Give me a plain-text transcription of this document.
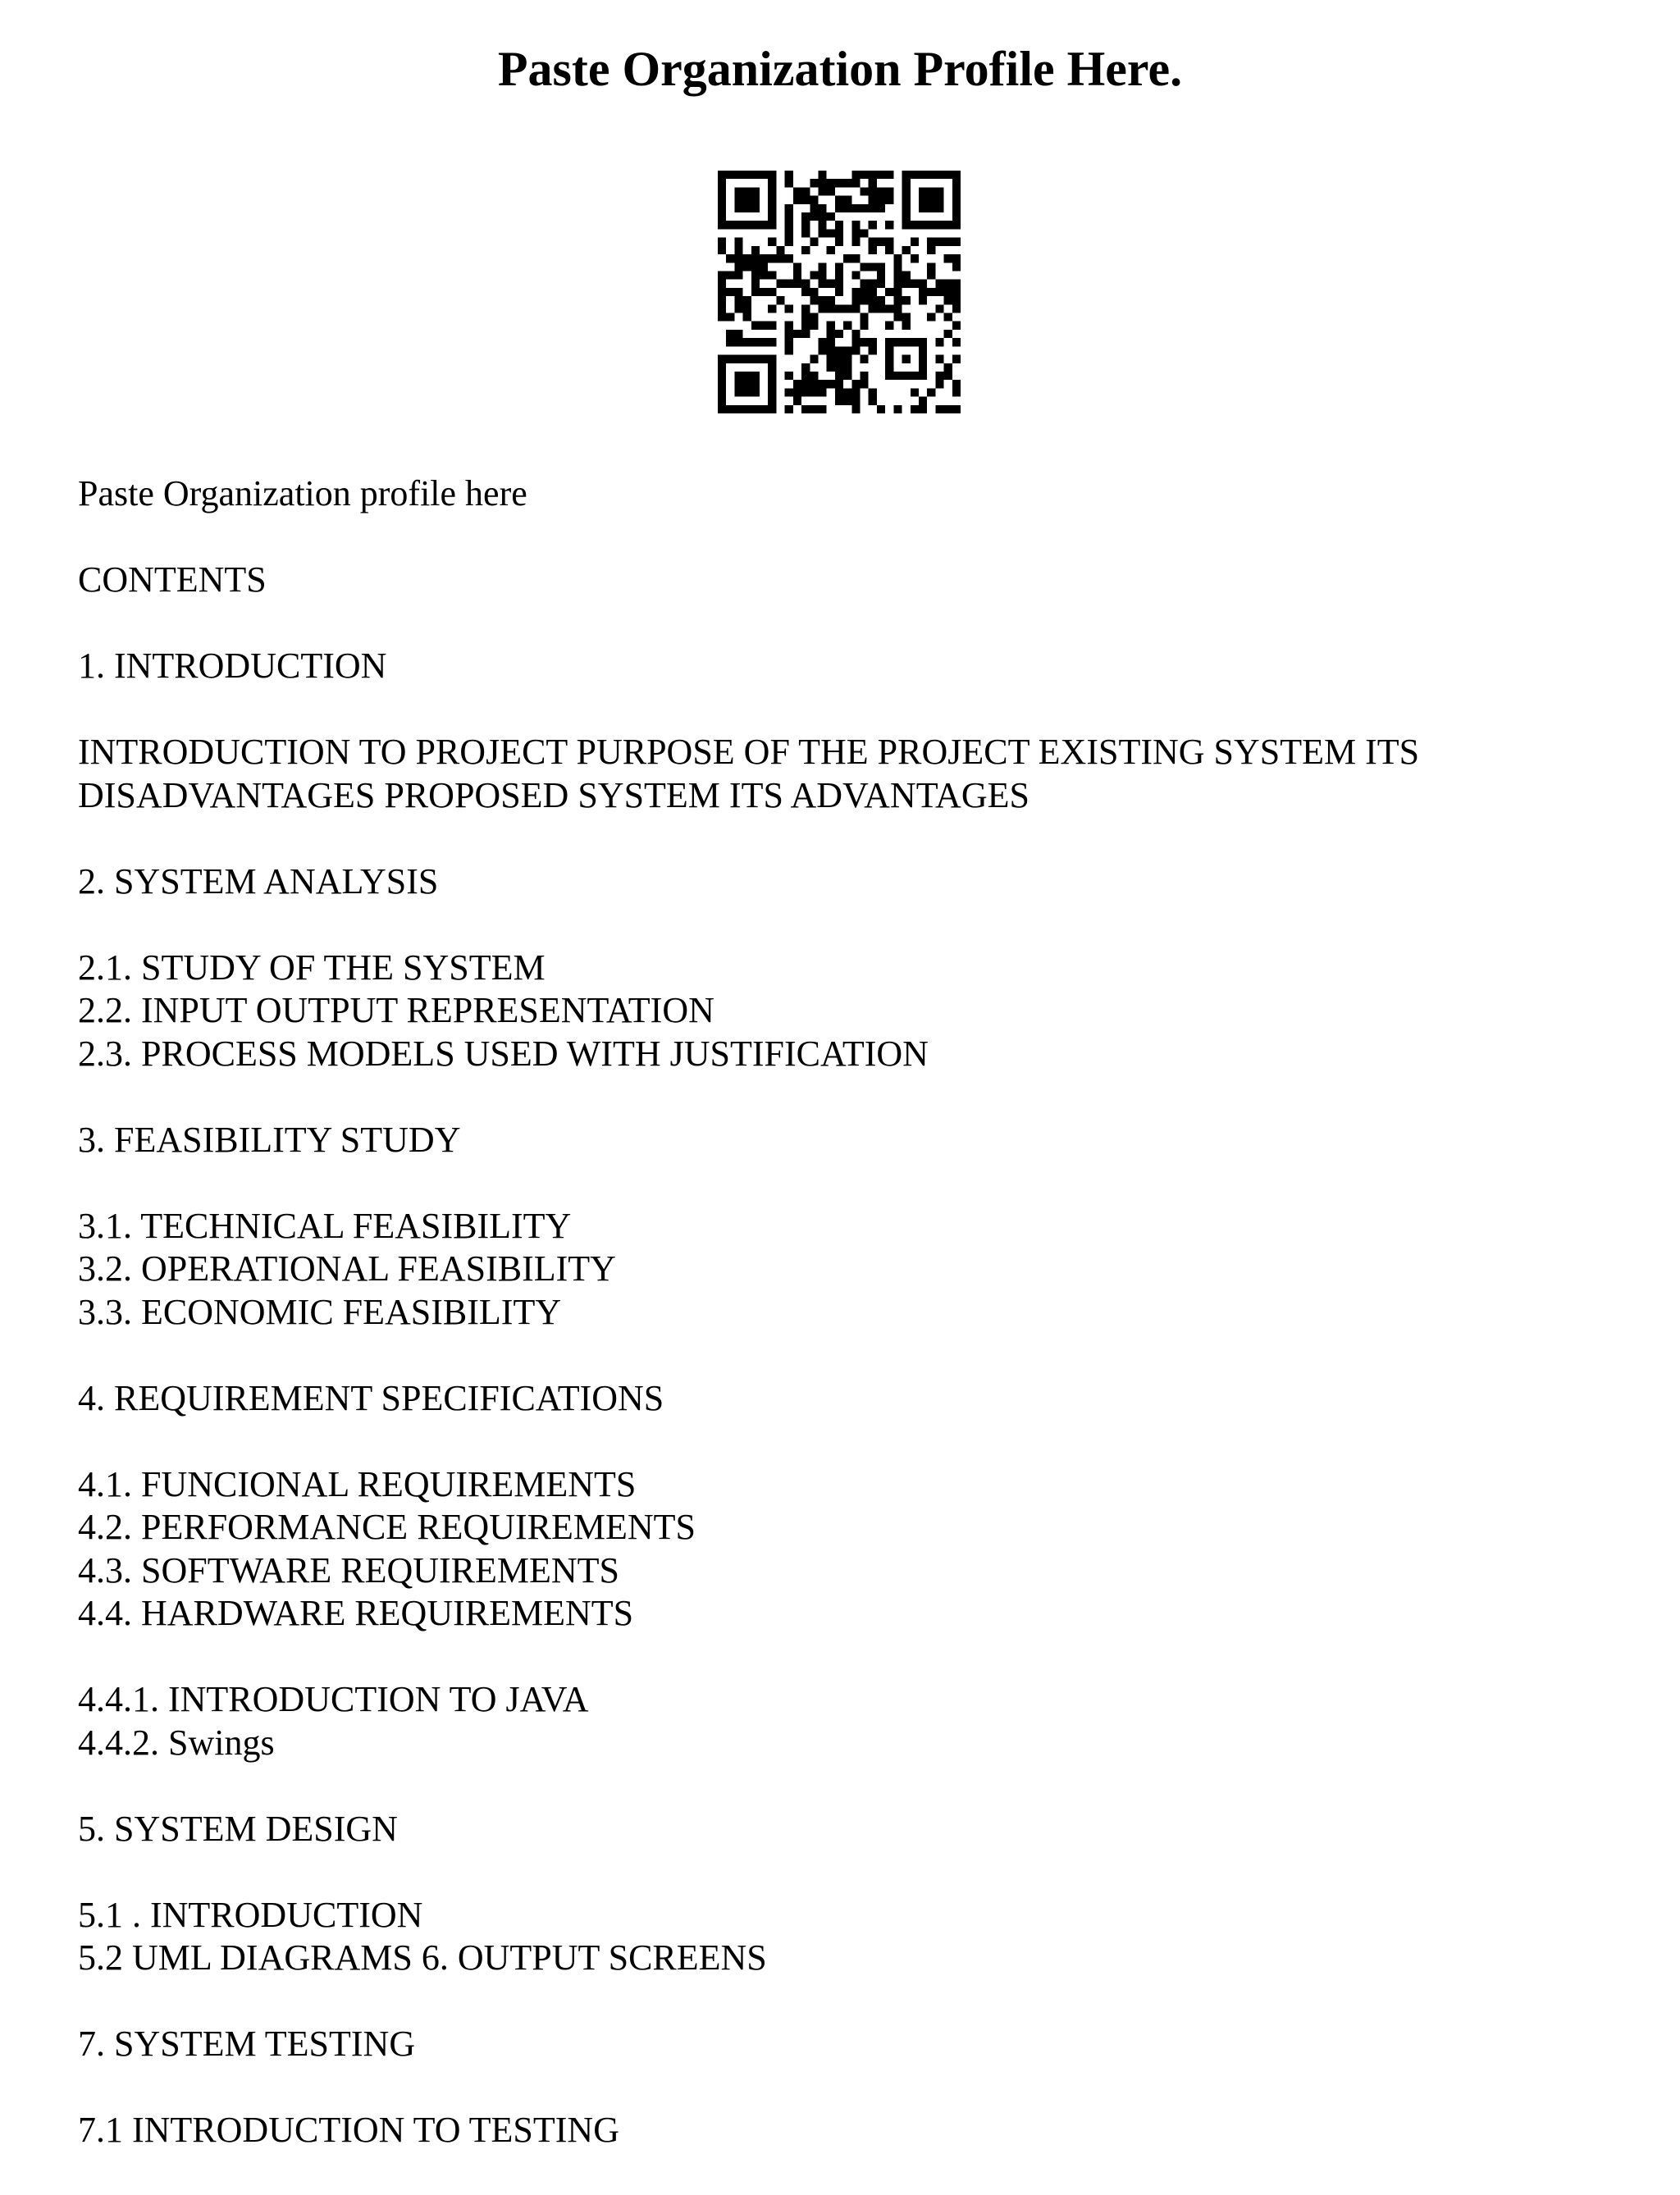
Paste Organization Profile Here.

Paste Organization profile here

CONTENTS

1. INTRODUCTION

INTRODUCTION TO PROJECT PURPOSE OF THE PROJECT EXISTING SYSTEM ITS
DISADVANTAGES PROPOSED SYSTEM ITS ADVANTAGES

2. SYSTEM ANALYSIS

2.1. STUDY OF THE SYSTEM
2.2. INPUT OUTPUT REPRESENTATION
2.3. PROCESS MODELS USED WITH JUSTIFICATION

3. FEASIBILITY STUDY

3.1. TECHNICAL FEASIBILITY
3.2. OPERATIONAL FEASIBILITY
3.3. ECONOMIC FEASIBILITY

4. REQUIREMENT SPECIFICATIONS

4.1. FUNCIONAL REQUIREMENTS
4.2. PERFORMANCE REQUIREMENTS
4.3. SOFTWARE REQUIREMENTS
4.4. HARDWARE REQUIREMENTS

4.4.1. INTRODUCTION TO JAVA
4.4.2. Swings

5. SYSTEM DESIGN

5.1 . INTRODUCTION
5.2 UML DIAGRAMS 6. OUTPUT SCREENS

7. SYSTEM TESTING

7.1 INTRODUCTION TO TESTING
